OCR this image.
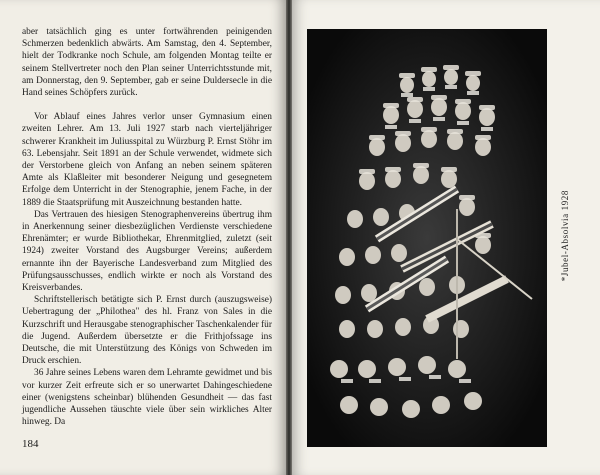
aber tatsächlich ging es unter fortwährenden peinigenden Schmerzen bedenklich abwärts. Am Samstag, den 4. September, hielt der Todkranke noch Schule, am folgenden Montag teilte er seinem Stellvertreter noch den Plan seiner Unterrichtsstunde mit, am Donnerstag, den 9. September, gab er seine Duldersecle in die Hand seines Schöpfers zurück.

Vor Ablauf eines Jahres verlor unser Gymnasium einen zweiten Lehrer. Am 13. Juli 1927 starb nach vierteljähriger schwerer Krankheit im Juliusspital zu Würzburg P. Ernst Stöhr im 63. Lebensjahr. Seit 1891 an der Schule verwendet, widmete sich der Verstorbene gleich von Anfang an neben seinem späteren Amte als Klaßleiter mit besonderer Neigung und gesegnetem Erfolge dem Unterricht in der Stenographie, jenem Fache, in der 1889 die Staatsprüfung mit Auszeichnung bestanden hatte.

Das Vertrauen des hiesigen Stenographenvereins übertrug ihm in Anerkennung seiner diesbezüglichen Verdienste verschiedene Ehrenämter; er wurde Bibliothekar, Ehrenmitglied, zuletzt (seit 1924) zweiter Vorstand des Augsburger Vereins; außerdem ernannte ihn der Bayerische Landesverband zum Mitglied des Prüfungsausschusses, endlich wirkte er noch als Vorstand des Kreisverbandes.

Schriftstellerisch betätigte sich P. Ernst durch (auszugsweise) Uebertragung der „Philothea" des hl. Franz von Sales in die Kurzschrift und Herausgabe stenographischer Taschenkalender für die Jugend. Außerdem übersetzte er die Frithjofssage ins Deutsche, die mit Unterstützung des Königs von Schweden im Druck erschien.

36 Jahre seines Lebens waren dem Lehramte gewidmet und bis vor kurzer Zeit erfreute sich er so unerwartet Dahingeschiedene einer (wenigstens scheinbar) blühenden Gesundheit — das fast jugendliche Aussehen täuschte viele über sein wirkliches Alter hinweg. Da

184
*Jubel-Absolvia 1928
